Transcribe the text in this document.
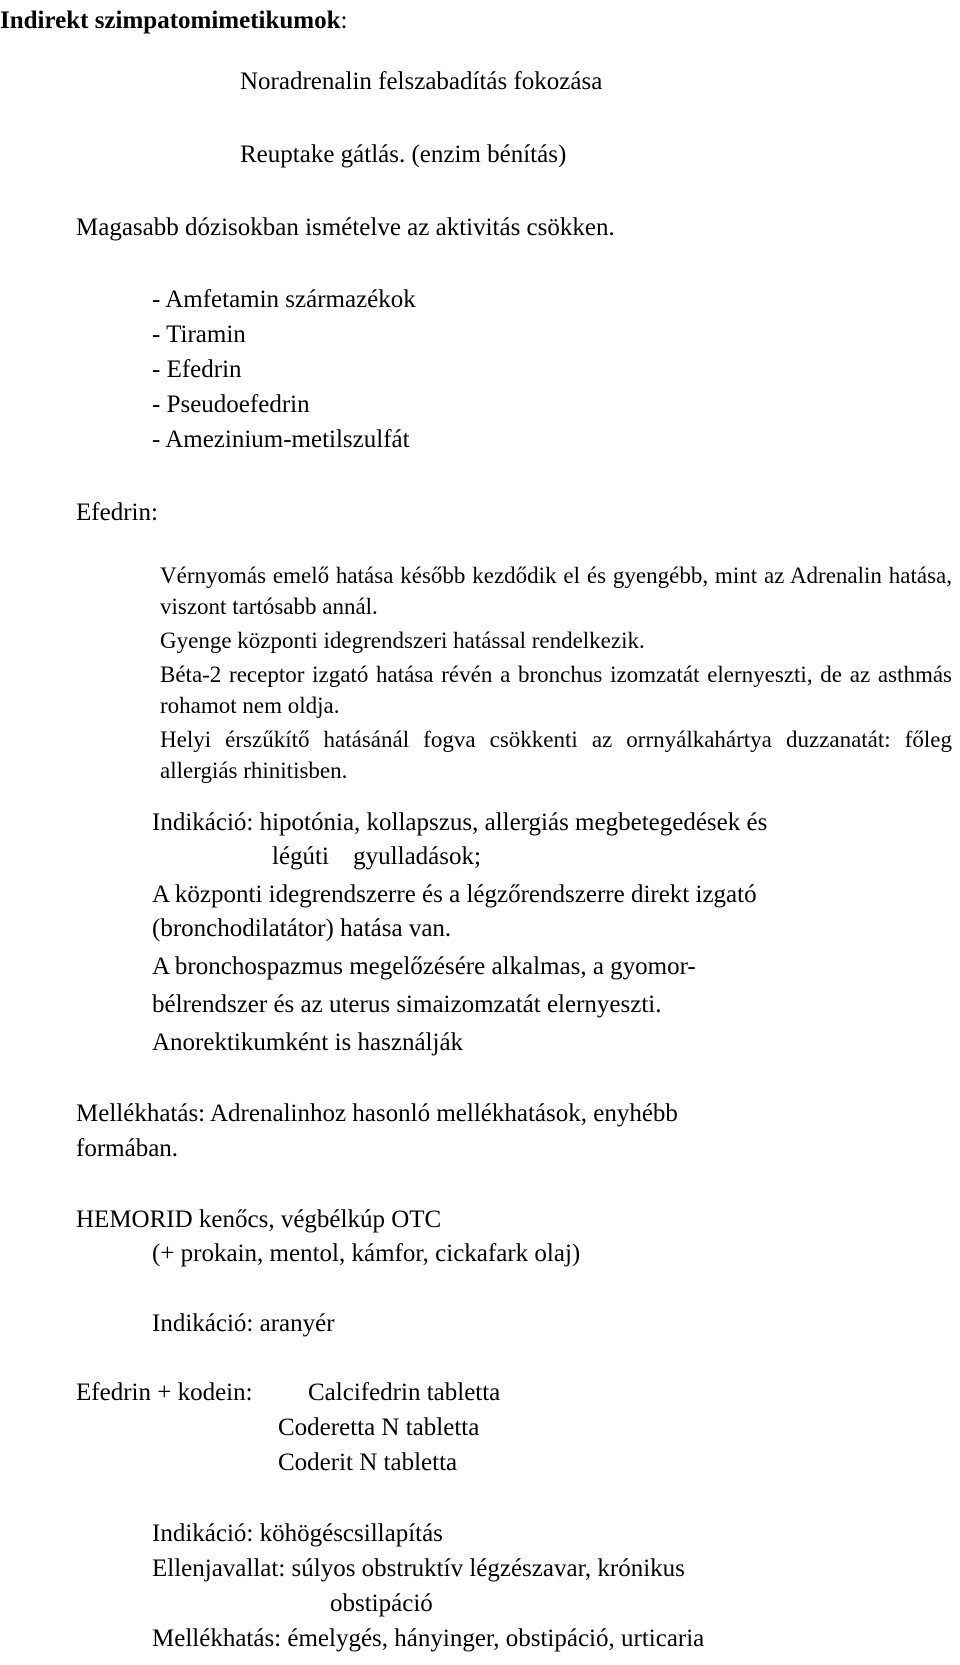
Indirekt szimpatomimetikumok:
Noradrenalin felszabadítás fokozása
Reuptake gátlás. (enzim bénítás)
Magasabb dózisokban ismételve az aktivitás csökken.
- Amfetamin származékok
- Tiramin
- Efedrin
- Pseudoefedrin
- Amezinium-metilszulfát
Efedrin:

Vérnyomás emelő hatása később kezdődik el és gyengébb, mint az Adrenalin hatása, viszont tartósabb annál.

Gyenge központi idegrendszeri hatással rendelkezik.

Béta-2 receptor izgató hatása révén a bronchus izomzatát elernyeszti, de az asthmás rohamot nem oldja.

Helyi érszűkítő hatásánál fogva csökkenti az orrnyálkahártya duzzanatát: főleg allergiás rhinitisben.

Indikáció: hipotónia, kollapszus, allergiás megbetegedések és

légúti gyulladások;

A központi idegrendszerre és a légzőrendszerre direkt izgató (bronchodilatátor) hatása van.

A bronchospazmus megelőzésére alkalmas, a gyomor-

bélrendszer és az uterus simaizomzatát elernyeszti.

Anorektikumként is használják

Mellékhatás: Adrenalinhoz hasonló mellékhatások, enyhébb
formában.
HEMORID kenőcs, végbélkúp OTC
(+ prokain, mentol, kámfor, cickafark olaj)
Indikáció: aranyér
Efedrin + kodein: Calcifedrin tabletta
Coderetta N tabletta
Coderit N tabletta
Indikáció: köhögéscsillapítás
Ellenjavallat: súlyos obstruktív légzészavar, krónikus
obstipáció
Mellékhatás: émelygés, hányinger, obstipáció, urticaria
